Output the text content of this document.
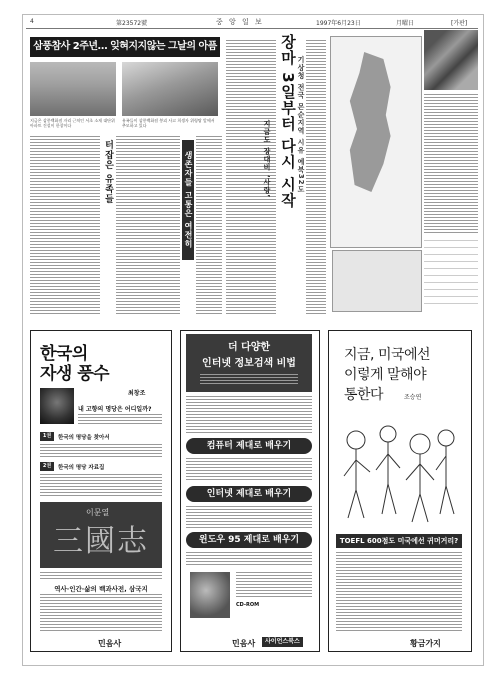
4	第23572號	중 앙 일 보	1997年6月23日	月曜日	[가판]
삼풍참사 2주년… 잊혀지지않는 그날의 아픔
지금은 삼풍백화점 자리 근처인 서초 소재 대단위 아파트 건설이 한창이다
유족들이 삼풍백화점 붕괴 사고 희생자 위령탑 앞에서 추모하고 있다
터잡은 유족들	생존자들 고통은 여전히	장마 3일부터 다시 시작 기상청 전국 몬순지역 시유 예북32도
지금도 장대비 ‘사랑’
한국의
자생 풍수
최창조
내 고향의 명당은 어디일까?
1권	한국의 명당을 찾아서
2권	한국의 명당 자료집
이문열
三國志
역사·인간·삶의 백과사전, 삼국지
민음사
더 다양한
인터넷 정보검색 비법
컴퓨터 제대로 배우기
인터넷 제대로 배우기
윈도우 95 제대로 배우기
CD-ROM
민음사	사이언스북스
지금, 미국에선
이렇게 말해야
통한다	조승연
TOEFL 600점도 미국에선 귀머거리?
황금가지
